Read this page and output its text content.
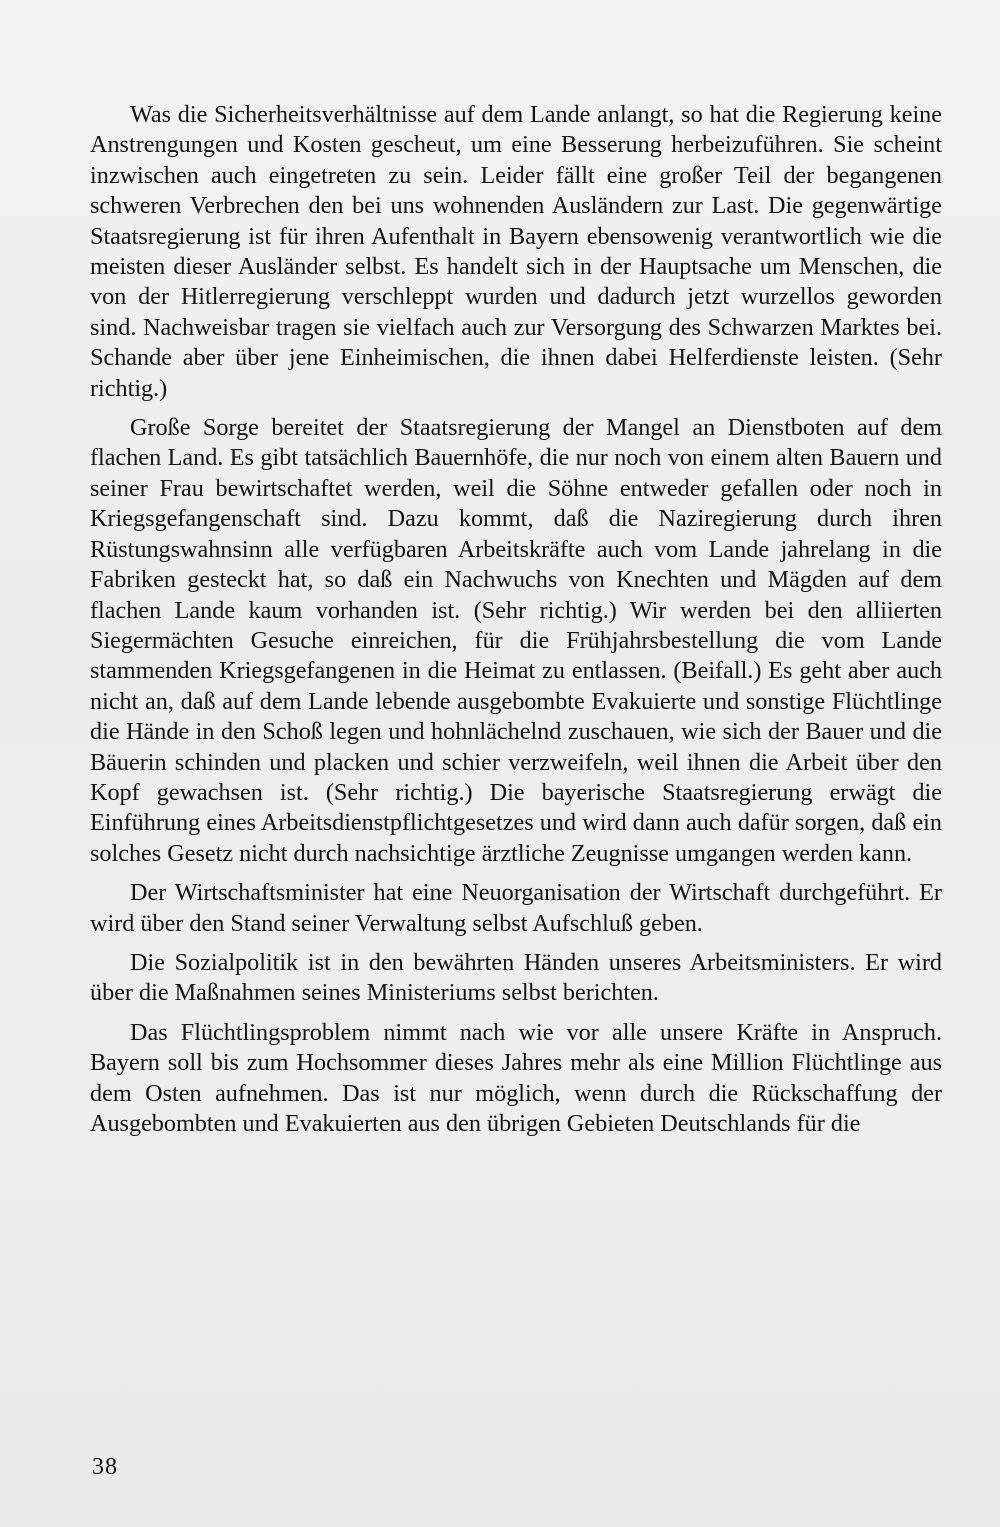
Was die Sicherheitsverhältnisse auf dem Lande anlangt, so hat die Regierung keine Anstrengungen und Kosten gescheut, um eine Besserung herbeizuführen. Sie scheint inzwischen auch eingetreten zu sein. Leider fällt eine großer Teil der begangenen schweren Verbrechen den bei uns wohnenden Ausländern zur Last. Die gegenwärtige Staatsregierung ist für ihren Aufenthalt in Bayern ebensowenig verantwortlich wie die meisten dieser Ausländer selbst. Es handelt sich in der Hauptsache um Menschen, die von der Hitlerregierung verschleppt wurden und dadurch jetzt wurzellos geworden sind. Nachweisbar tragen sie vielfach auch zur Versorgung des Schwarzen Marktes bei. Schande aber über jene Einheimischen, die ihnen dabei Helferdienste leisten. (Sehr richtig.)

Große Sorge bereitet der Staatsregierung der Mangel an Dienstboten auf dem flachen Land. Es gibt tatsächlich Bauernhöfe, die nur noch von einem alten Bauern und seiner Frau bewirtschaftet werden, weil die Söhne entweder gefallen oder noch in Kriegsgefangenschaft sind. Dazu kommt, daß die Naziregierung durch ihren Rüstungswahnsinn alle verfügbaren Arbeitskräfte auch vom Lande jahrelang in die Fabriken gesteckt hat, so daß ein Nachwuchs von Knechten und Mägden auf dem flachen Lande kaum vorhanden ist. (Sehr richtig.) Wir werden bei den alliierten Siegermächten Gesuche einreichen, für die Frühjahrsbestellung die vom Lande stammenden Kriegsgefangenen in die Heimat zu entlassen. (Beifall.) Es geht aber auch nicht an, daß auf dem Lande lebende ausgebombte Evakuierte und sonstige Flüchtlinge die Hände in den Schoß legen und hohnlächelnd zuschauen, wie sich der Bauer und die Bäuerin schinden und placken und schier verzweifeln, weil ihnen die Arbeit über den Kopf gewachsen ist. (Sehr richtig.) Die bayerische Staatsregierung erwägt die Einführung eines Arbeitsdienstpflichtgesetzes und wird dann auch dafür sorgen, daß ein solches Gesetz nicht durch nachsichtige ärztliche Zeugnisse umgangen werden kann.

Der Wirtschaftsminister hat eine Neuorganisation der Wirtschaft durchgeführt. Er wird über den Stand seiner Verwaltung selbst Aufschluß geben.

Die Sozialpolitik ist in den bewährten Händen unseres Arbeitsministers. Er wird über die Maßnahmen seines Ministeriums selbst berichten.

Das Flüchtlingsproblem nimmt nach wie vor alle unsere Kräfte in Anspruch. Bayern soll bis zum Hochsommer dieses Jahres mehr als eine Million Flüchtlinge aus dem Osten aufnehmen. Das ist nur möglich, wenn durch die Rückschaffung der Ausgebombten und Evakuierten aus den übrigen Gebieten Deutschlands für die

38
